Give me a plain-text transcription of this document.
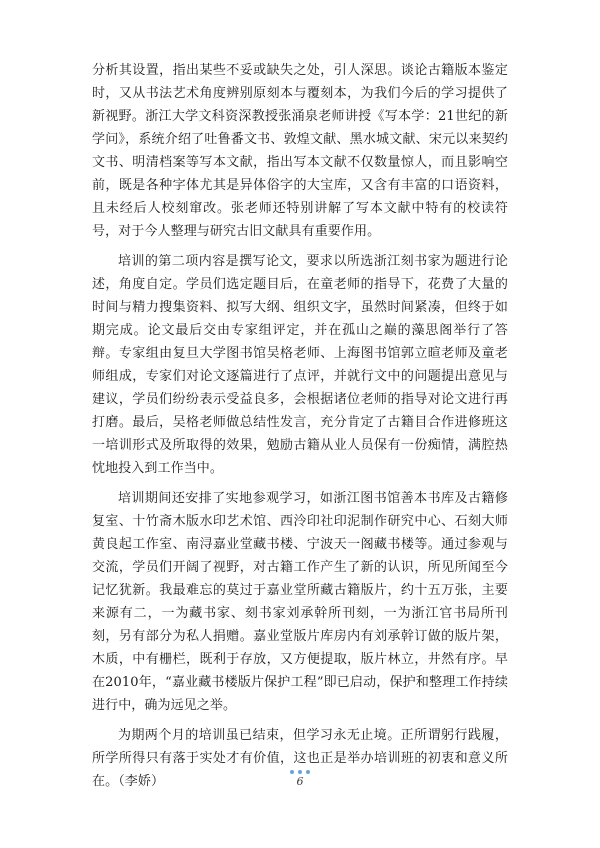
分析其设置，指出某些不妥或缺失之处，引人深思。谈论古籍版本鉴定时，又从书法艺术角度辨别原刻本与覆刻本，为我们今后的学习提供了新视野。浙江大学文科资深教授张涌泉老师讲授《写本学：21世纪的新学问》，系统介绍了吐鲁番文书、敦煌文献、黑水城文献、宋元以来契约文书、明清档案等写本文献，指出写本文献不仅数量惊人，而且影响空前，既是各种字体尤其是异体俗字的大宝库，又含有丰富的口语资料，且未经后人校刻窜改。张老师还特别讲解了写本文献中特有的校读符号，对于今人整理与研究古旧文献具有重要作用。

培训的第二项内容是撰写论文，要求以所选浙江刻书家为题进行论述，角度自定。学员们选定题目后，在童老师的指导下，花费了大量的时间与精力搜集资料、拟写大纲、组织文字，虽然时间紧凑，但终于如期完成。论文最后交由专家组评定，并在孤山之巅的藻思阁举行了答辩。专家组由复旦大学图书馆吴格老师、上海图书馆郭立暄老师及童老师组成，专家们对论文逐篇进行了点评，并就行文中的问题提出意见与建议，学员们纷纷表示受益良多，会根据诸位老师的指导对论文进行再打磨。最后，吴格老师做总结性发言，充分肯定了古籍目合作进修班这一培训形式及所取得的效果，勉励古籍从业人员保有一份痴情，满腔热忱地投入到工作当中。

培训期间还安排了实地参观学习，如浙江图书馆善本书库及古籍修复室、十竹斋木版水印艺术馆、西泠印社印泥制作研究中心、石刻大师黄良起工作室、南浔嘉业堂藏书楼、宁波天一阁藏书楼等。通过参观与交流，学员们开阔了视野，对古籍工作产生了新的认识，所见所闻至今记忆犹新。我最难忘的莫过于嘉业堂所藏古籍版片，约十五万张，主要来源有二，一为藏书家、刻书家刘承幹所刊刻，一为浙江官书局所刊刻，另有部分为私人捐赠。嘉业堂版片库房内有刘承幹订做的版片架，木质，中有栅栏，既利于存放，又方便提取，版片林立，井然有序。早在2010年，“嘉业藏书楼版片保护工程”即已启动，保护和整理工作持续进行中，确为远见之举。

为期两个月的培训虽已结束，但学习永无止境。正所谓躬行践履，所学所得只有落于实处才有价值，这也正是举办培训班的初衷和意义所在。（李娇）	6
